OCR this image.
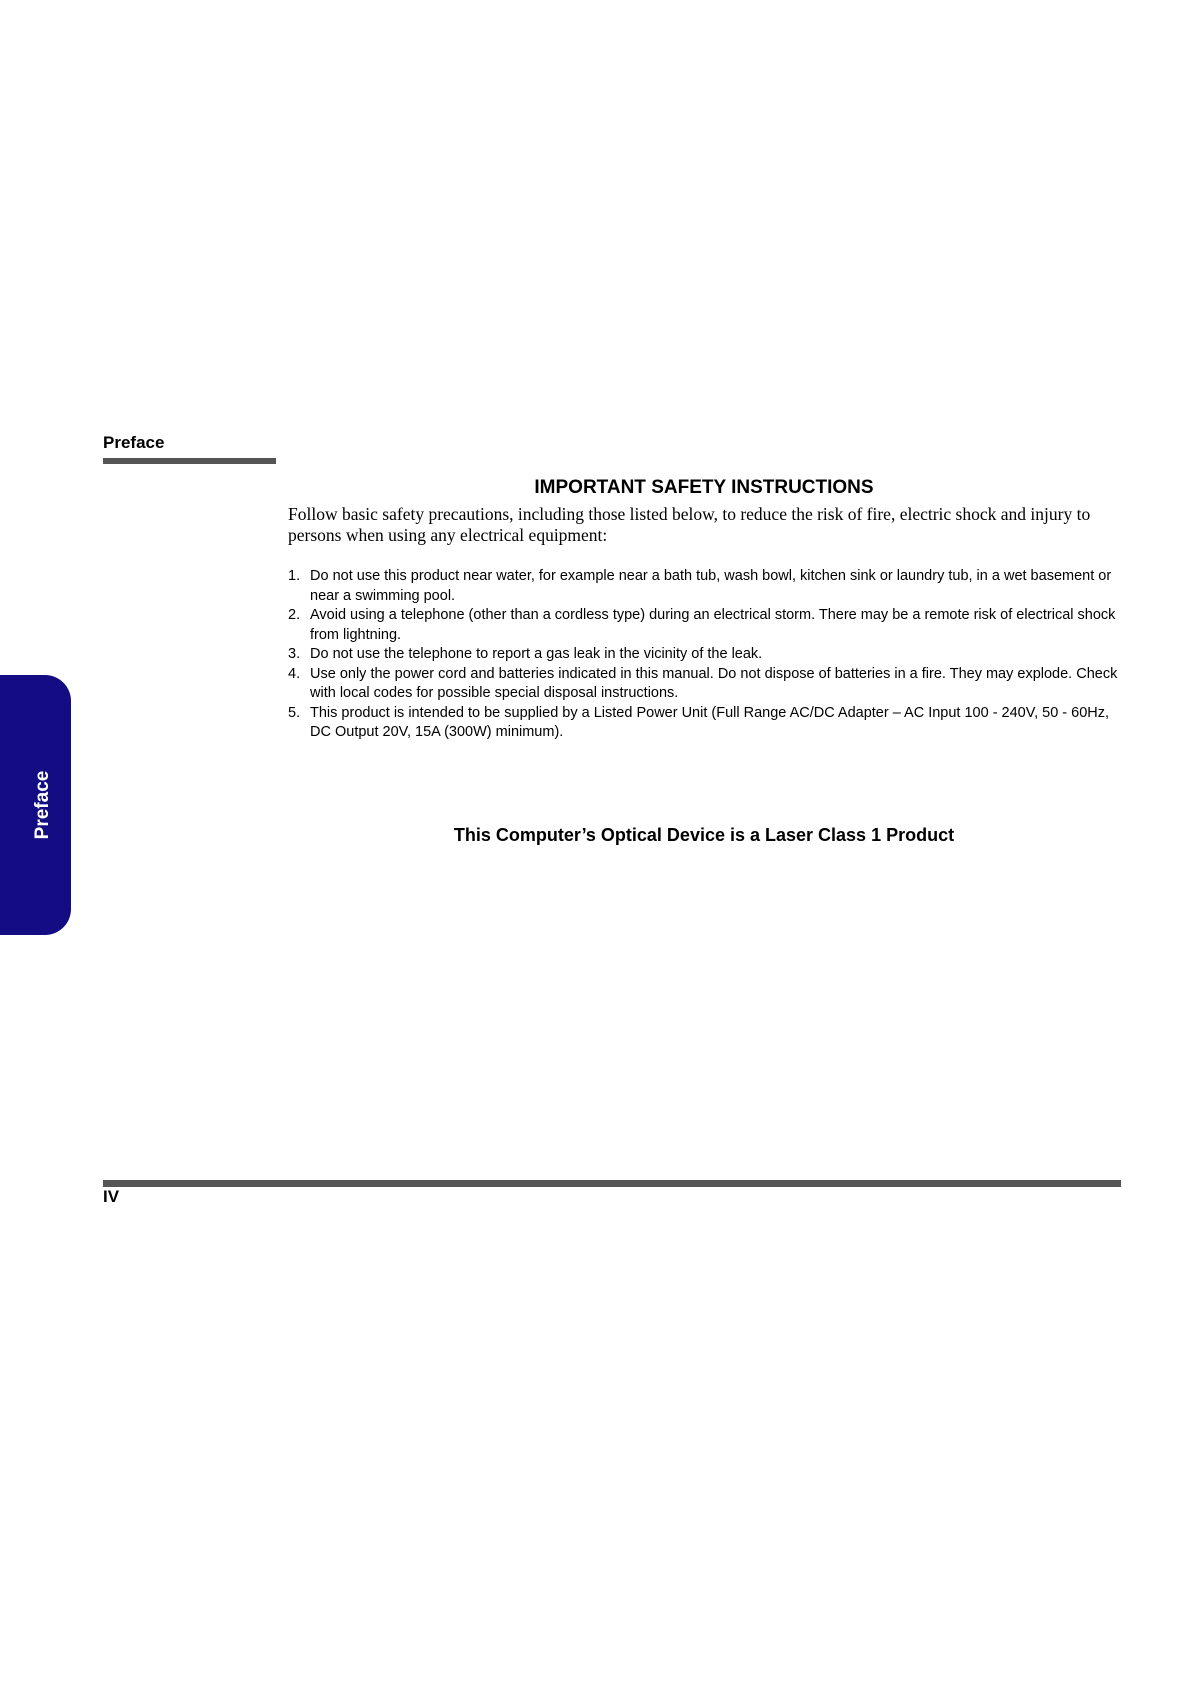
Preface
Preface
IMPORTANT SAFETY INSTRUCTIONS

Follow basic safety precautions, including those listed below, to reduce the risk of fire, electric shock and injury to persons when using any electrical equipment:

1. Do not use this product near water, for example near a bath tub, wash bowl, kitchen sink or laundry tub, in a wet basement or near a swimming pool.
2. Avoid using a telephone (other than a cordless type) during an electrical storm. There may be a remote risk of electrical shock from lightning.
3. Do not use the telephone to report a gas leak in the vicinity of the leak.
4. Use only the power cord and batteries indicated in this manual. Do not dispose of batteries in a fire. They may explode. Check with local codes for possible special disposal instructions.
5. This product is intended to be supplied by a Listed Power Unit (Full Range AC/DC Adapter – AC Input 100 - 240V, 50 - 60Hz, DC Output 20V, 15A (300W) minimum).
This Computer’s Optical Device is a Laser Class 1 Product
IV
